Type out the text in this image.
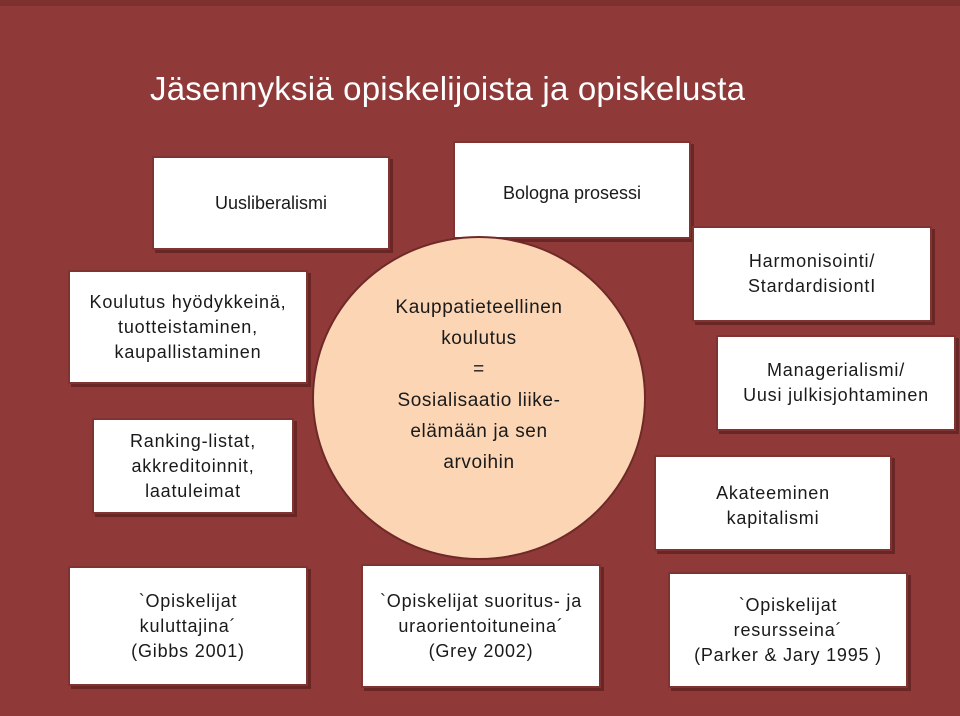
Jäsennyksiä opiskelijoista ja opiskelusta
Uusliberalismi	Bologna prosessi
Koulutus hyödykkeinä,
tuotteistaminen,
kaupallistaminen
Ranking-listat,
akkreditoinnit,
laatuleimat
Kauppatieteellinen
koulutus
=
Sosialisaatio liike-
elämään ja sen
arvoihin
Harmonisointi/
StardardisiontI
Managerialismi/
Uusi julkisjohtaminen
Akateeminen
kapitalismi
`Opiskelijat
kuluttajina´
(Gibbs 2001)
`Opiskelijat suoritus- ja
uraorientoituneina´
(Grey 2002)
`Opiskelijat
resursseina´
(Parker & Jary 1995 )
